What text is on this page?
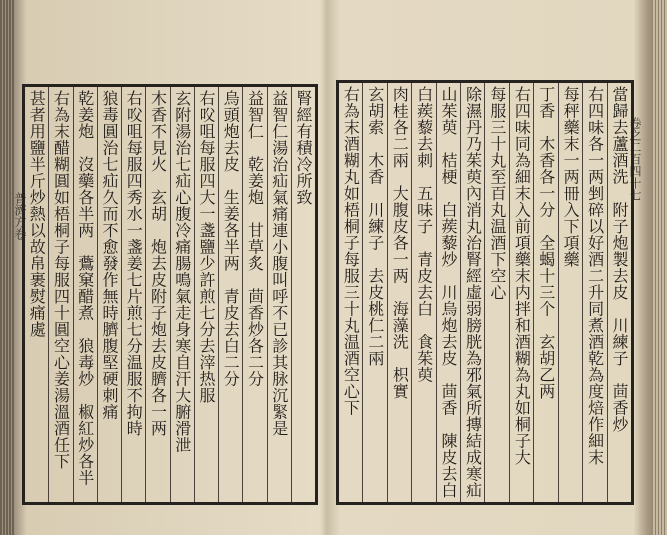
普濟方卷
腎經有積冷所致
益智仁湯治疝氣痛連小腹叫呼不已診其脉沉緊是
益智仁　乾姜炮　甘草炙　茴香炒各二分
烏頭炮去皮　生姜各半两　青皮去白二分
右㕮咀每服四大一盞鹽少許煎七分去滓热服
玄附湯治七疝心腹冷痛腸鳴氣走身寒自汗大腑滑泄
木香不見火　玄胡　炮去皮附子炮去皮臍各一两
右㕮咀每服四秀水一盞姜七片煎七分温服不拘時
狼毒圓治七疝久而不愈發作無時臍腹堅硬刺痛
乾姜炮　沒藥各半两　鷰窠醋煮　狼毒炒　椒紅炒各半
右為末醋糊圓如梧桐子每服四十圓空心姜湯溫酒任下
甚者用鹽半斤炒熱以故帛裹熨痛處	卷之二百四十七
當歸去蘆酒洗　附子炮製去皮　川練子　茴香炒
右四味各一两剉碎以好酒二升同煮酒乾為度焙作細末
每秤藥末一两冊入下項藥
丁香　木香各一分　全蝎十三个　玄胡乙两
右四味同為細末入前項藥末内拌和酒糊為丸如桐子大
每服三十丸至百丸温酒下空心
除濕丹乃茱萸內消丸治腎經虛弱膀胱為邪氣所摶結成寒疝
山茱萸　桔梗　白蒺藜炒　川烏炮去皮　茴香　陳皮去白
白蒺藜去刺　五味子　青皮去白　食茱萸
肉桂各二兩　大腹皮各一两　海藻洗　枳實
玄胡索　木香　川練子　去皮桃仁二兩
右為末酒糊丸如梧桐子每服三十丸温酒空心下
